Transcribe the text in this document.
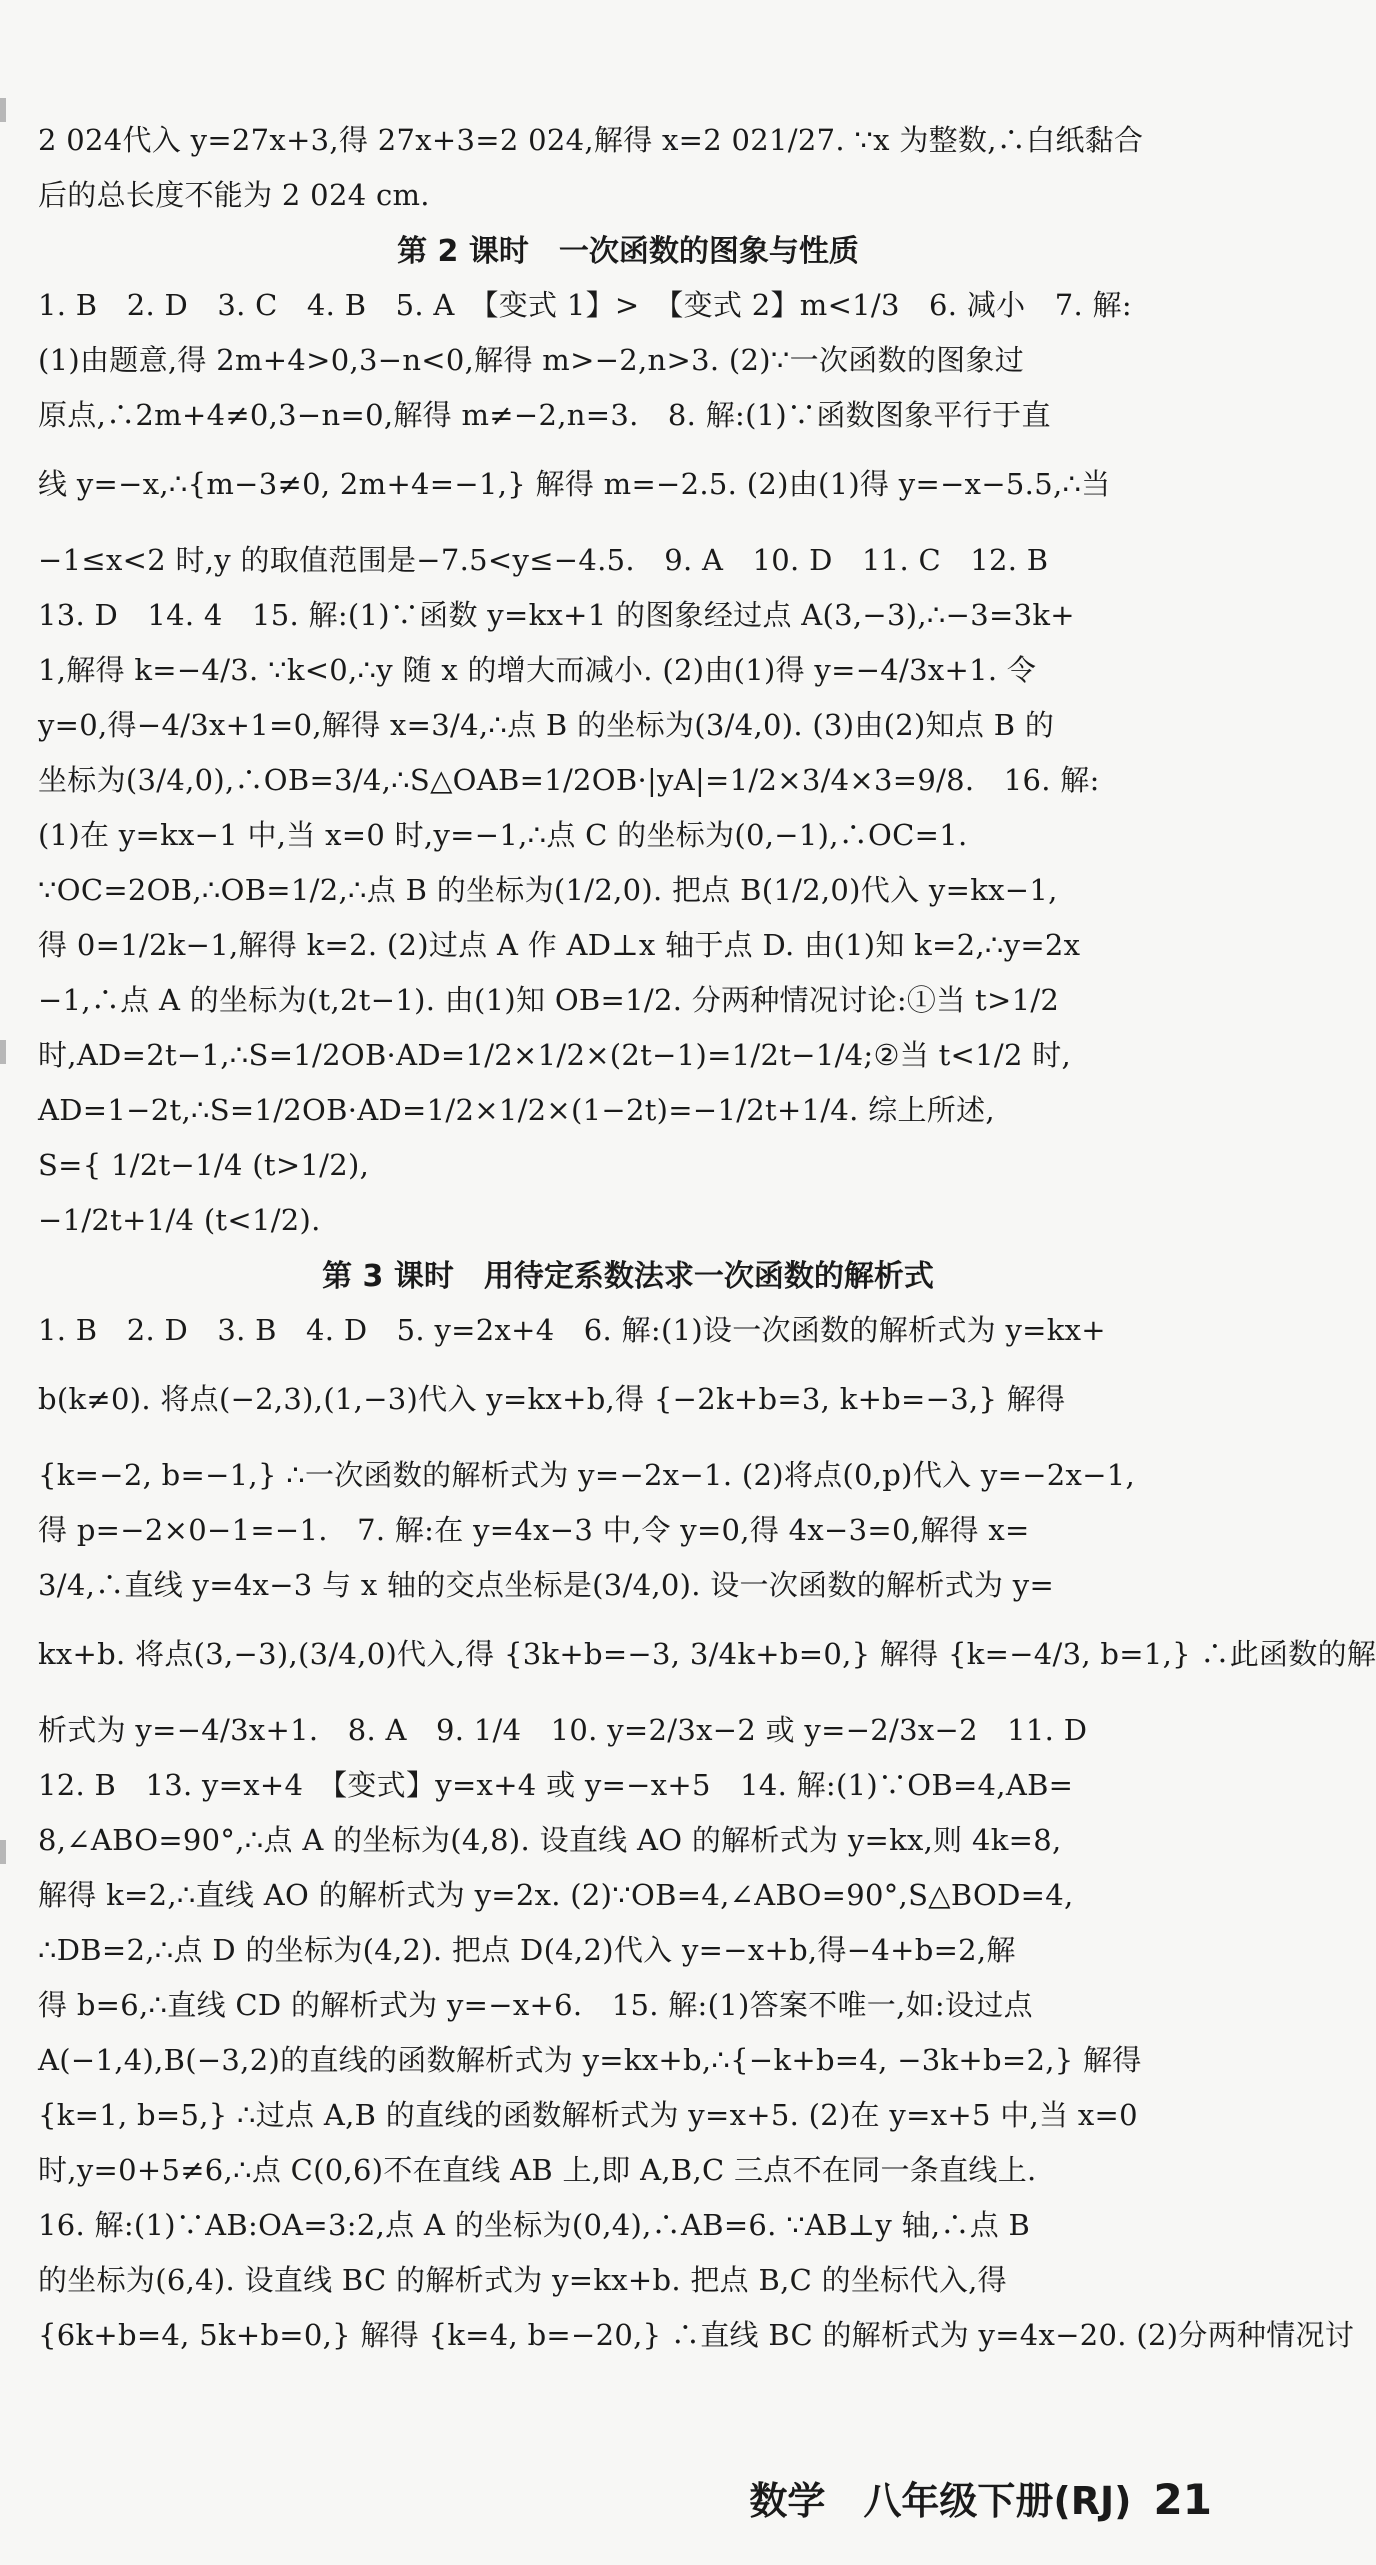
2 024代入 y=27x+3,得 27x+3=2 024,解得 x=2 021/27. ∵x 为整数,∴白纸黏合
后的总长度不能为 2 024 cm.
第 2 课时　一次函数的图象与性质
1. B　2. D　3. C　4. B　5. A　【变式 1】>　【变式 2】m<1/3　6. 减小　7. 解:
(1)由题意,得 2m+4>0,3−n<0,解得 m>−2,n>3. (2)∵一次函数的图象过
原点,∴2m+4≠0,3−n=0,解得 m≠−2,n=3.　8. 解:(1)∵函数图象平行于直
线 y=−x,∴{m−3≠0, 2m+4=−1,} 解得 m=−2.5. (2)由(1)得 y=−x−5.5,∴当
−1≤x<2 时,y 的取值范围是−7.5<y≤−4.5.　9. A　10. D　11. C　12. B
13. D　14. 4　15. 解:(1)∵函数 y=kx+1 的图象经过点 A(3,−3),∴−3=3k+
1,解得 k=−4/3. ∵k<0,∴y 随 x 的增大而减小. (2)由(1)得 y=−4/3x+1. 令
y=0,得−4/3x+1=0,解得 x=3/4,∴点 B 的坐标为(3/4,0). (3)由(2)知点 B 的
坐标为(3/4,0),∴OB=3/4,∴S△OAB=1/2OB·|yA|=1/2×3/4×3=9/8.　16. 解:
(1)在 y=kx−1 中,当 x=0 时,y=−1,∴点 C 的坐标为(0,−1),∴OC=1.
∵OC=2OB,∴OB=1/2,∴点 B 的坐标为(1/2,0). 把点 B(1/2,0)代入 y=kx−1,
得 0=1/2k−1,解得 k=2. (2)过点 A 作 AD⊥x 轴于点 D. 由(1)知 k=2,∴y=2x
−1,∴点 A 的坐标为(t,2t−1). 由(1)知 OB=1/2. 分两种情况讨论:①当 t>1/2
时,AD=2t−1,∴S=1/2OB·AD=1/2×1/2×(2t−1)=1/2t−1/4;②当 t<1/2 时,
AD=1−2t,∴S=1/2OB·AD=1/2×1/2×(1−2t)=−1/2t+1/4. 综上所述,
S={ 1/2t−1/4 (t>1/2),
−1/2t+1/4 (t<1/2).
第 3 课时　用待定系数法求一次函数的解析式
1. B　2. D　3. B　4. D　5. y=2x+4　6. 解:(1)设一次函数的解析式为 y=kx+
b(k≠0). 将点(−2,3),(1,−3)代入 y=kx+b,得 {−2k+b=3, k+b=−3,} 解得
{k=−2, b=−1,} ∴一次函数的解析式为 y=−2x−1. (2)将点(0,p)代入 y=−2x−1,
得 p=−2×0−1=−1.　7. 解:在 y=4x−3 中,令 y=0,得 4x−3=0,解得 x=
3/4,∴直线 y=4x−3 与 x 轴的交点坐标是(3/4,0). 设一次函数的解析式为 y=
kx+b. 将点(3,−3),(3/4,0)代入,得 {3k+b=−3, 3/4k+b=0,} 解得 {k=−4/3, b=1,} ∴此函数的解
析式为 y=−4/3x+1.　8. A　9. 1/4　10. y=2/3x−2 或 y=−2/3x−2　11. D
12. B　13. y=x+4　【变式】y=x+4 或 y=−x+5　14. 解:(1)∵OB=4,AB=
8,∠ABO=90°,∴点 A 的坐标为(4,8). 设直线 AO 的解析式为 y=kx,则 4k=8,
解得 k=2,∴直线 AO 的解析式为 y=2x. (2)∵OB=4,∠ABO=90°,S△BOD=4,
∴DB=2,∴点 D 的坐标为(4,2). 把点 D(4,2)代入 y=−x+b,得−4+b=2,解
得 b=6,∴直线 CD 的解析式为 y=−x+6.　15. 解:(1)答案不唯一,如:设过点
A(−1,4),B(−3,2)的直线的函数解析式为 y=kx+b,∴{−k+b=4, −3k+b=2,} 解得
{k=1, b=5,} ∴过点 A,B 的直线的函数解析式为 y=x+5. (2)在 y=x+5 中,当 x=0
时,y=0+5≠6,∴点 C(0,6)不在直线 AB 上,即 A,B,C 三点不在同一条直线上.
16. 解:(1)∵AB:OA=3:2,点 A 的坐标为(0,4),∴AB=6. ∵AB⊥y 轴,∴点 B
的坐标为(6,4). 设直线 BC 的解析式为 y=kx+b. 把点 B,C 的坐标代入,得
{6k+b=4, 5k+b=0,} 解得 {k=4, b=−20,} ∴直线 BC 的解析式为 y=4x−20. (2)分两种情况讨
数学　八年级下册(RJ) 21
